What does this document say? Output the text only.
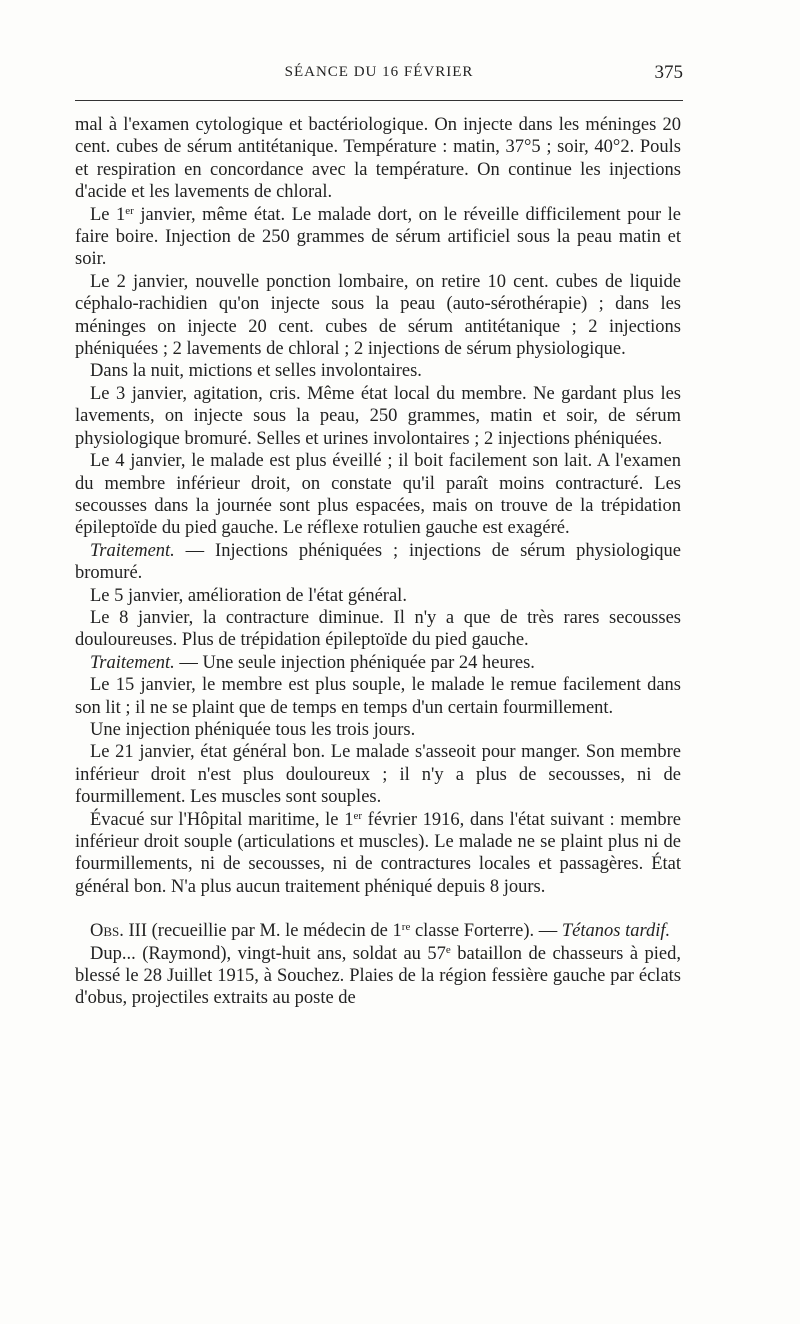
SÉANCE DU 16 FÉVRIER	375

mal à l'examen cytologique et bactériologique. On injecte dans les méninges 20 cent. cubes de sérum antitétanique. Température : matin, 37°5 ; soir, 40°2. Pouls et respiration en concordance avec la température. On continue les injections d'acide et les lavements de chloral.

Le 1er janvier, même état. Le malade dort, on le réveille difficilement pour le faire boire. Injection de 250 grammes de sérum artificiel sous la peau matin et soir.

Le 2 janvier, nouvelle ponction lombaire, on retire 10 cent. cubes de liquide céphalo-rachidien qu'on injecte sous la peau (auto-sérothérapie) ; dans les méninges on injecte 20 cent. cubes de sérum antitétanique ; 2 injections phéniquées ; 2 lavements de chloral ; 2 injections de sérum physiologique.

Dans la nuit, mictions et selles involontaires.

Le 3 janvier, agitation, cris. Même état local du membre. Ne gardant plus les lavements, on injecte sous la peau, 250 grammes, matin et soir, de sérum physiologique bromuré. Selles et urines involontaires ; 2 injections phéniquées.

Le 4 janvier, le malade est plus éveillé ; il boit facilement son lait. A l'examen du membre inférieur droit, on constate qu'il paraît moins contracturé. Les secousses dans la journée sont plus espacées, mais on trouve de la trépidation épileptoïde du pied gauche. Le réflexe rotulien gauche est exagéré.

Traitement. — Injections phéniquées ; injections de sérum physiologique bromuré.

Le 5 janvier, amélioration de l'état général.

Le 8 janvier, la contracture diminue. Il n'y a que de très rares secousses douloureuses. Plus de trépidation épileptoïde du pied gauche.

Traitement. — Une seule injection phéniquée par 24 heures.

Le 15 janvier, le membre est plus souple, le malade le remue facilement dans son lit ; il ne se plaint que de temps en temps d'un certain fourmillement.

Une injection phéniquée tous les trois jours.

Le 21 janvier, état général bon. Le malade s'asseoit pour manger. Son membre inférieur droit n'est plus douloureux ; il n'y a plus de secousses, ni de fourmillement. Les muscles sont souples.

Évacué sur l'Hôpital maritime, le 1er février 1916, dans l'état suivant : membre inférieur droit souple (articulations et muscles). Le malade ne se plaint plus ni de fourmillements, ni de secousses, ni de contractures locales et passagères. État général bon. N'a plus aucun traitement phéniqué depuis 8 jours.

Obs. III (recueillie par M. le médecin de 1re classe Forterre). — Tétanos tardif.

Dup... (Raymond), vingt-huit ans, soldat au 57e bataillon de chasseurs à pied, blessé le 28 Juillet 1915, à Souchez. Plaies de la région fessière gauche par éclats d'obus, projectiles extraits au poste de
